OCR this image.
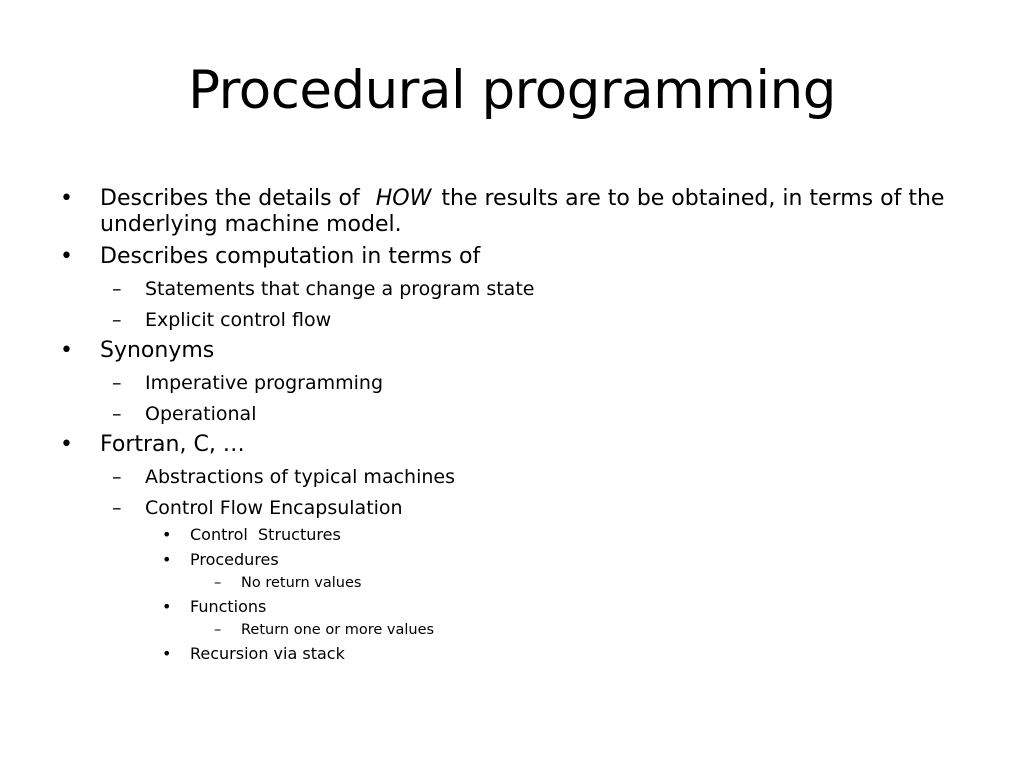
Procedural programming
• Describes the details of HOW the results are to be obtained, in terms of the underlying machine model.
• Describes computation in terms of
– Statements that change a program state
– Explicit control flow
• Synonyms
– Imperative programming
– Operational
• Fortran, C, …
– Abstractions of typical machines
– Control Flow Encapsulation
• Control  Structures
• Procedures
– No return values
• Functions
– Return one or more values
• Recursion via stack
